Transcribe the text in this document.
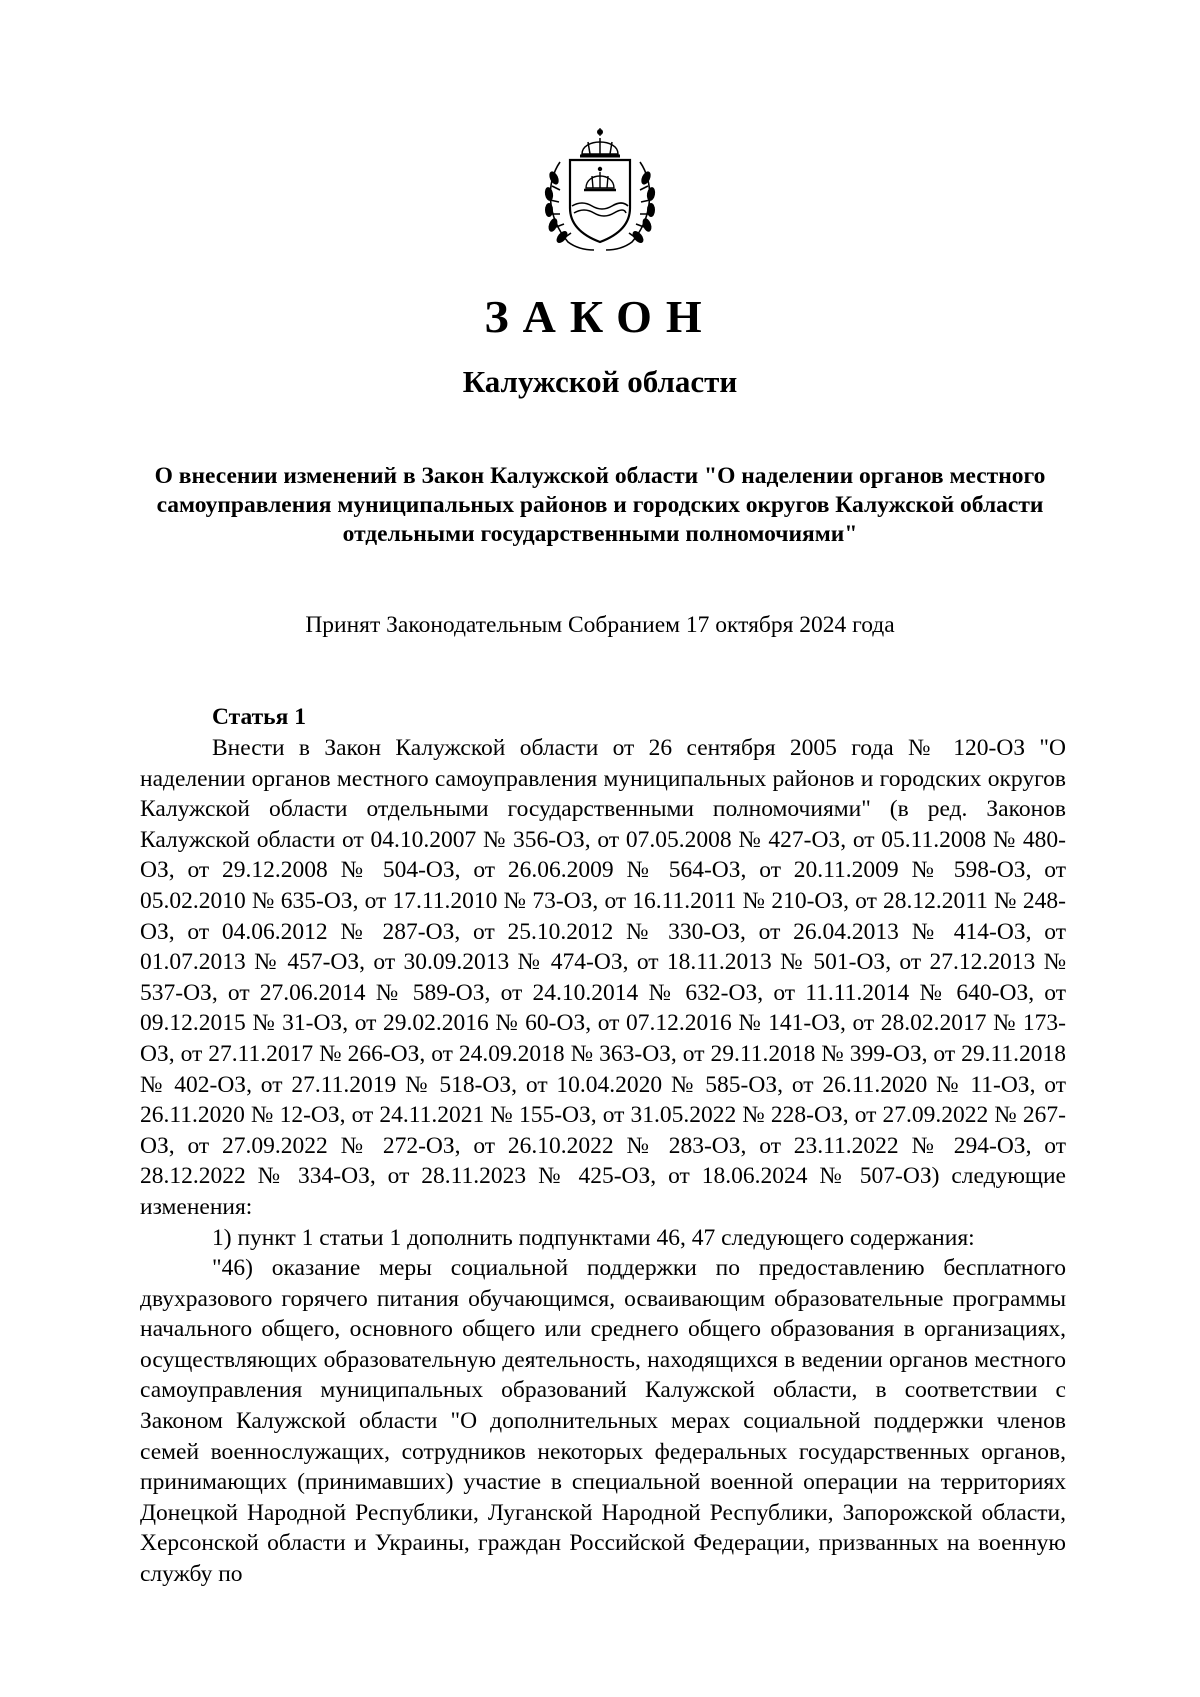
ЗАКОН
Калужской области
О внесении изменений в Закон Калужской области "О наделении органов местного самоуправления муниципальных районов и городских округов Калужской области отдельными государственными полномочиями"
Принят Законодательным Собранием 17 октября 2024 года
Статья 1

Внести в Закон Калужской области от 26 сентября 2005 года № 120-ОЗ "О наделении органов местного самоуправления муниципальных районов и городских округов Калужской области отдельными государственными полномочиями" (в ред. Законов Калужской области от 04.10.2007 № 356-ОЗ, от 07.05.2008 № 427-ОЗ, от 05.11.2008 № 480-ОЗ, от 29.12.2008 № 504-ОЗ, от 26.06.2009 № 564-ОЗ, от 20.11.2009 № 598-ОЗ, от 05.02.2010 № 635-ОЗ, от 17.11.2010 № 73-ОЗ, от 16.11.2011 № 210-ОЗ, от 28.12.2011 № 248-ОЗ, от 04.06.2012 № 287-ОЗ, от 25.10.2012 № 330-ОЗ, от 26.04.2013 № 414-ОЗ, от 01.07.2013 № 457-ОЗ, от 30.09.2013 № 474-ОЗ, от 18.11.2013 № 501-ОЗ, от 27.12.2013 № 537-ОЗ, от 27.06.2014 № 589-ОЗ, от 24.10.2014 № 632-ОЗ, от 11.11.2014 № 640-ОЗ, от 09.12.2015 № 31-ОЗ, от 29.02.2016 № 60-ОЗ, от 07.12.2016 № 141-ОЗ, от 28.02.2017 № 173-ОЗ, от 27.11.2017 № 266-ОЗ, от 24.09.2018 № 363-ОЗ, от 29.11.2018 № 399-ОЗ, от 29.11.2018 № 402-ОЗ, от 27.11.2019 № 518-ОЗ, от 10.04.2020 № 585-ОЗ, от 26.11.2020 № 11-ОЗ, от 26.11.2020 № 12-ОЗ, от 24.11.2021 № 155-ОЗ, от 31.05.2022 № 228-ОЗ, от 27.09.2022 № 267-ОЗ, от 27.09.2022 № 272-ОЗ, от 26.10.2022 № 283-ОЗ, от 23.11.2022 № 294-ОЗ, от 28.12.2022 № 334-ОЗ, от 28.11.2023 № 425-ОЗ, от 18.06.2024 № 507-ОЗ) следующие изменения:

1) пункт 1 статьи 1 дополнить подпунктами 46, 47 следующего содержания:

"46) оказание меры социальной поддержки по предоставлению бесплатного двухразового горячего питания обучающимся, осваивающим образовательные программы начального общего, основного общего или среднего общего образования в организациях, осуществляющих образовательную деятельность, находящихся в ведении органов местного самоуправления муниципальных образований Калужской области, в соответствии с Законом Калужской области "О дополнительных мерах социальной поддержки членов семей военнослужащих, сотрудников некоторых федеральных государственных органов, принимающих (принимавших) участие в специальной военной операции на территориях Донецкой Народной Республики, Луганской Народной Республики, Запорожской области, Херсонской области и Украины, граждан Российской Федерации, призванных на военную службу по
